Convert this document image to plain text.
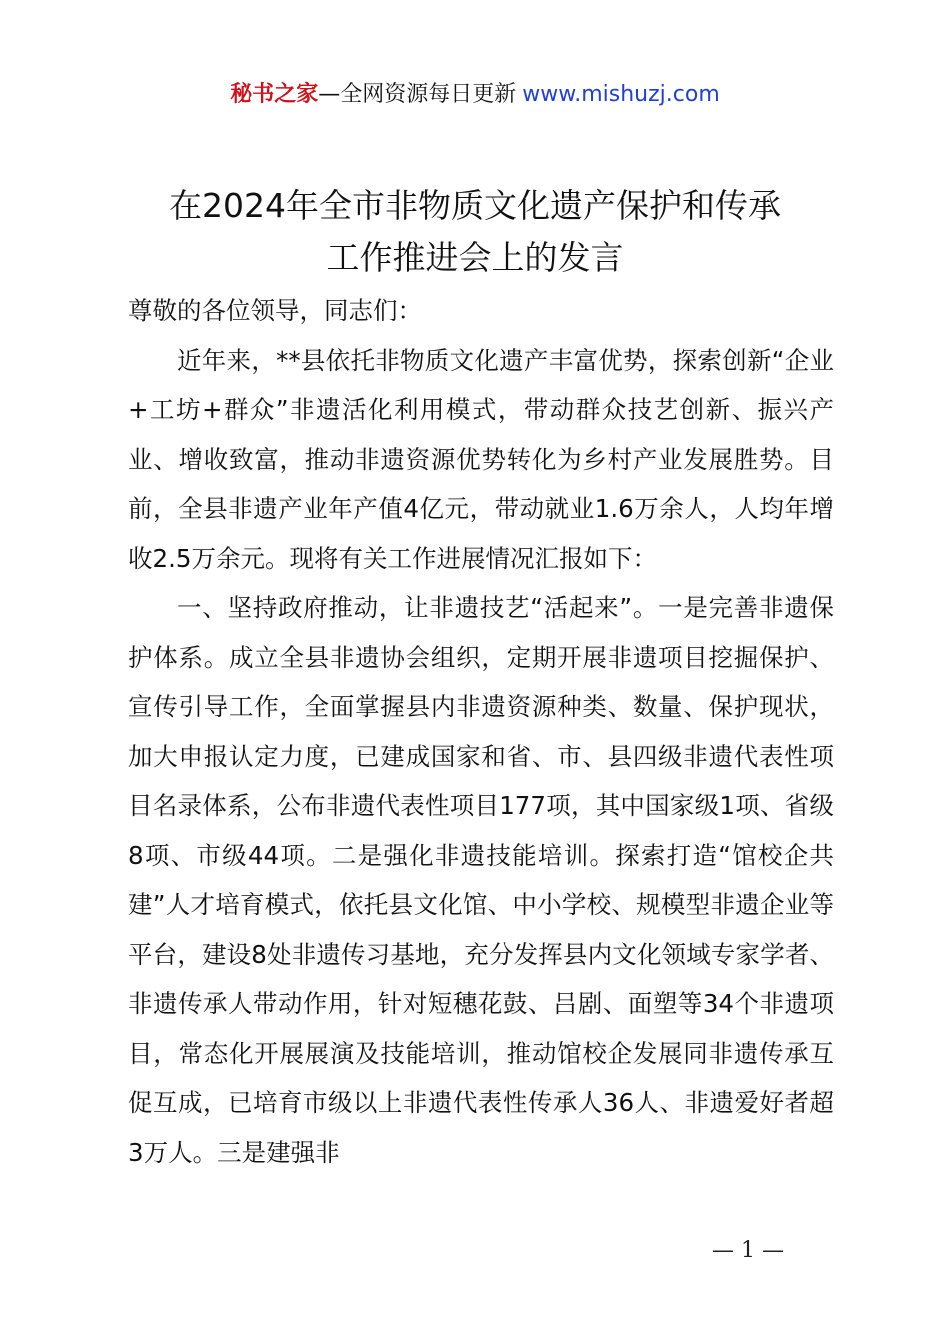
秘书之家—全网资源每日更新 www.mishuzj.com
在2024年全市非物质文化遗产保护和传承
工作推进会上的发言

尊敬的各位领导，同志们：

近年来，**县依托非物质文化遗产丰富优势，探索创新“企业+工坊+群众”非遗活化利用模式，带动群众技艺创新、振兴产业、增收致富，推动非遗资源优势转化为乡村产业发展胜势。目前，全县非遗产业年产值4亿元，带动就业1.6万余人，人均年增收2.5万余元。现将有关工作进展情况汇报如下：

一、坚持政府推动，让非遗技艺“活起来”。一是完善非遗保护体系。成立全县非遗协会组织，定期开展非遗项目挖掘保护、宣传引导工作，全面掌握县内非遗资源种类、数量、保护现状，加大申报认定力度，已建成国家和省、市、县四级非遗代表性项目名录体系，公布非遗代表性项目177项，其中国家级1项、省级8项、市级44项。二是强化非遗技能培训。探索打造“馆校企共建”人才培育模式，依托县文化馆、中小学校、规模型非遗企业等平台，建设8处非遗传习基地，充分发挥县内文化领域专家学者、非遗传承人带动作用，针对短穗花鼓、吕剧、面塑等34个非遗项目，常态化开展展演及技能培训，推动馆校企发展同非遗传承互促互成，已培育市级以上非遗代表性传承人36人、非遗爱好者超3万人。三是建强非

— 1 —
